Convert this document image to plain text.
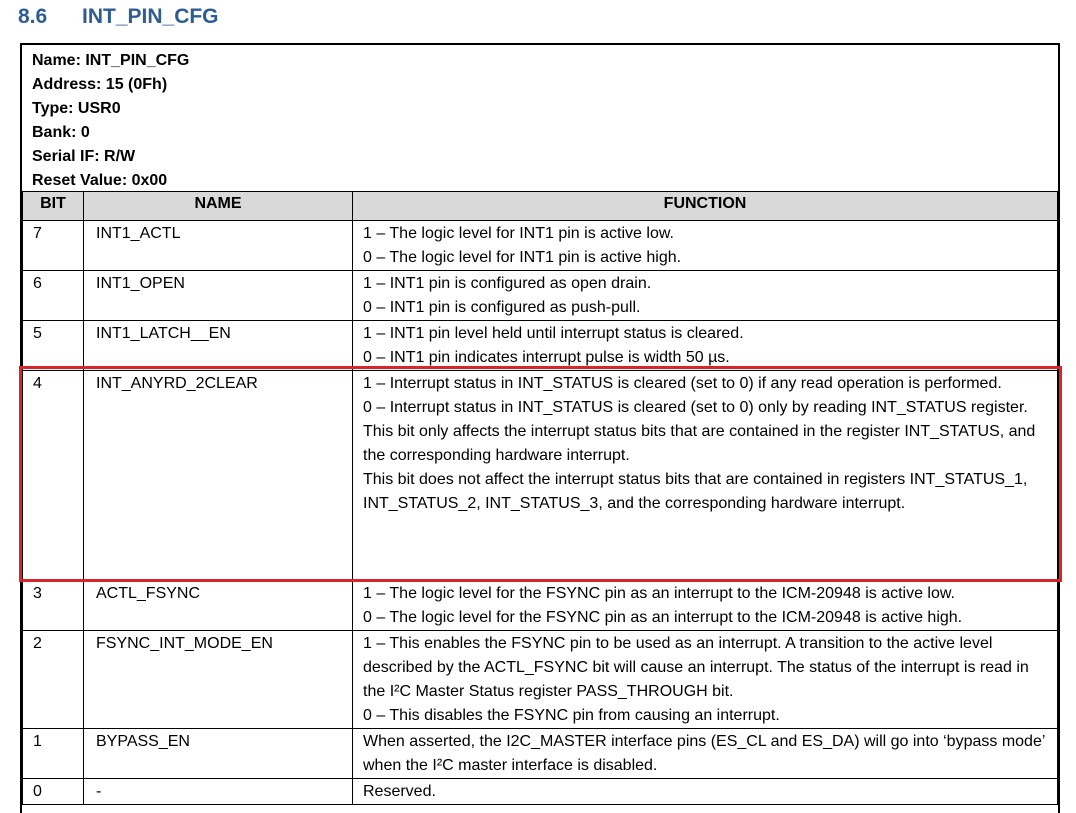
8.6	INT_PIN_CFG
Name: INT_PIN_CFG
Address: 15 (0Fh)
Type: USR0
Bank: 0
Serial IF: R/W
Reset Value: 0x00
BIT	NAME	FUNCTION

7	INT1_ACTL	1 – The logic level for INT1 pin is active low.
0 – The logic level for INT1 pin is active high.

6	INT1_OPEN	1 – INT1 pin is configured as open drain.
0 – INT1 pin is configured as push-pull.

5	INT1_LATCH__EN	1 – INT1 pin level held until interrupt status is cleared.
0 – INT1 pin indicates interrupt pulse is width 50 µs.

4	INT_ANYRD_2CLEAR	1 – Interrupt status in INT_STATUS is cleared (set to 0) if any read operation is performed.
0 – Interrupt status in INT_STATUS is cleared (set to 0) only by reading INT_STATUS register.
This bit only affects the interrupt status bits that are contained in the register INT_STATUS, and the corresponding hardware interrupt.
This bit does not affect the interrupt status bits that are contained in registers INT_STATUS_1, INT_STATUS_2, INT_STATUS_3, and the corresponding hardware interrupt.

3	ACTL_FSYNC	1 – The logic level for the FSYNC pin as an interrupt to the ICM-20948 is active low.
0 – The logic level for the FSYNC pin as an interrupt to the ICM-20948 is active high.

2	FSYNC_INT_MODE_EN	1 – This enables the FSYNC pin to be used as an interrupt. A transition to the active level described by the ACTL_FSYNC bit will cause an interrupt. The status of the interrupt is read in the I²C Master Status register PASS_THROUGH bit.
0 – This disables the FSYNC pin from causing an interrupt.

1	BYPASS_EN	When asserted, the I2C_MASTER interface pins (ES_CL and ES_DA) will go into ‘bypass mode’ when the I²C master interface is disabled.

0	-	Reserved.
